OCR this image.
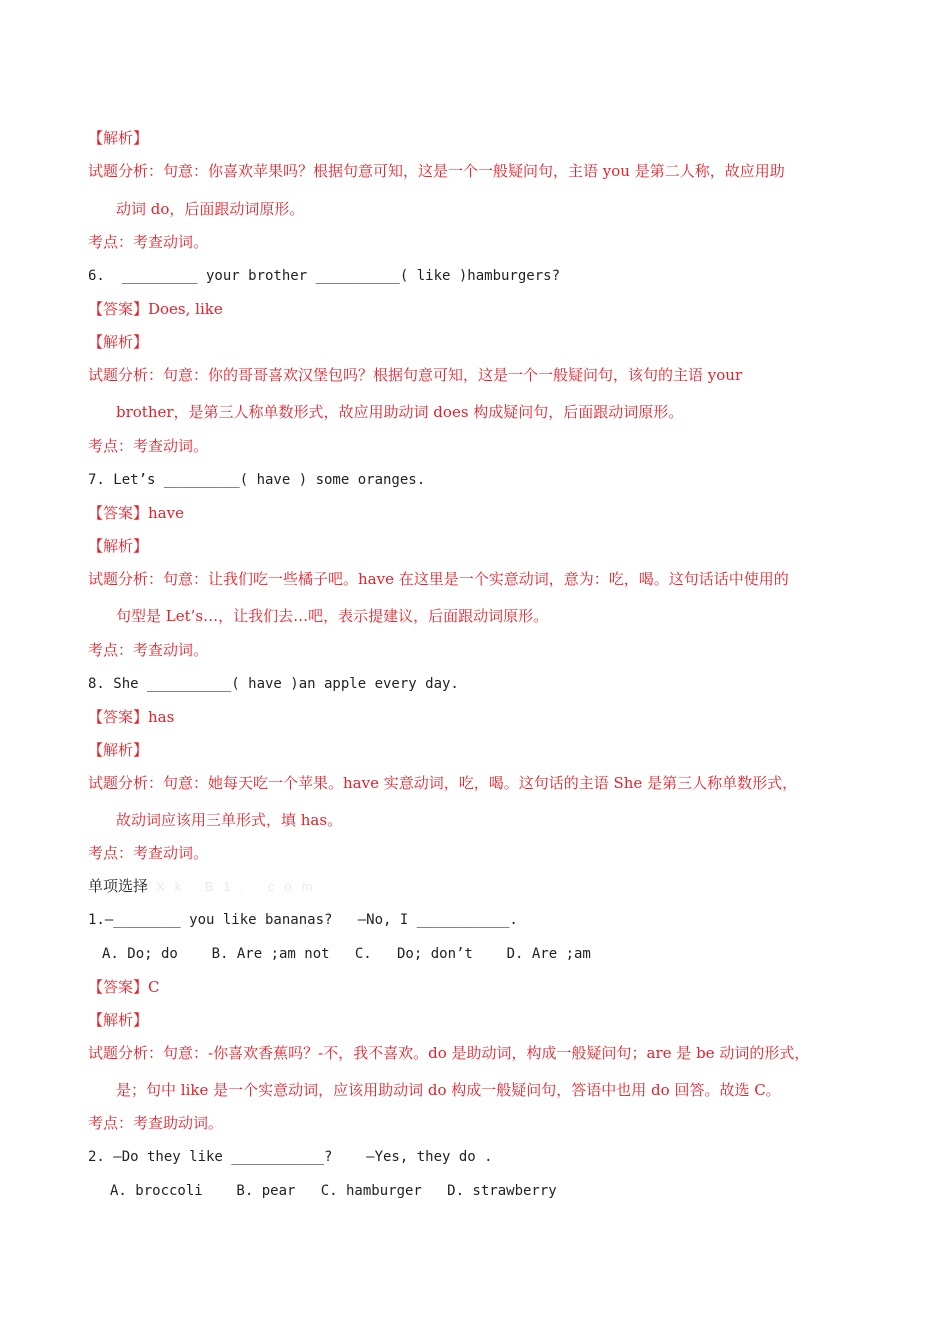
【解析】
试题分析：句意：你喜欢苹果吗？根据句意可知，这是一个一般疑问句，主语 you 是第二人称，故应用助
动词 do，后面跟动词原形。
考点：考查动词。
6.  _________ your brother __________( like )hamburgers?
【答案】Does, like
【解析】
试题分析：句意：你的哥哥喜欢汉堡包吗？根据句意可知，这是一个一般疑问句，该句的主语 your
brother，是第三人称单数形式，故应用助动词 does 构成疑问句，后面跟动词原形。
考点：考查动词。
7. Let’s _________( have ) some oranges.
【答案】have
【解析】
试题分析：句意：让我们吃一些橘子吧。have 在这里是一个实意动词，意为：吃，喝。这句话话中使用的
句型是 Let’s…，让我们去…吧，表示提建议，后面跟动词原形。
考点：考查动词。
8. She __________( have )an apple every day.
【答案】has
【解析】
试题分析：句意：她每天吃一个苹果。have 实意动词，吃，喝。这句话的主语 She 是第三人称单数形式，
故动词应该用三单形式，填 has。
考点：考查动词。
单项选择 Xk B1. com
1.—________ you like bananas?   —No, I ___________.
A. Do; do    B. Are ;am not   C.   Do; don’t    D. Are ;am
【答案】C
【解析】
试题分析：句意：-你喜欢香蕉吗？-不，我不喜欢。do 是助动词，构成一般疑问句；are 是 be 动词的形式，
是；句中 like 是一个实意动词，应该用助动词 do 构成一般疑问句，答语中也用 do 回答。故选 C。
考点：考查助动词。
2. —Do they like ___________?    —Yes, they do .
A. broccoli    B. pear   C. hamburger   D. strawberry
